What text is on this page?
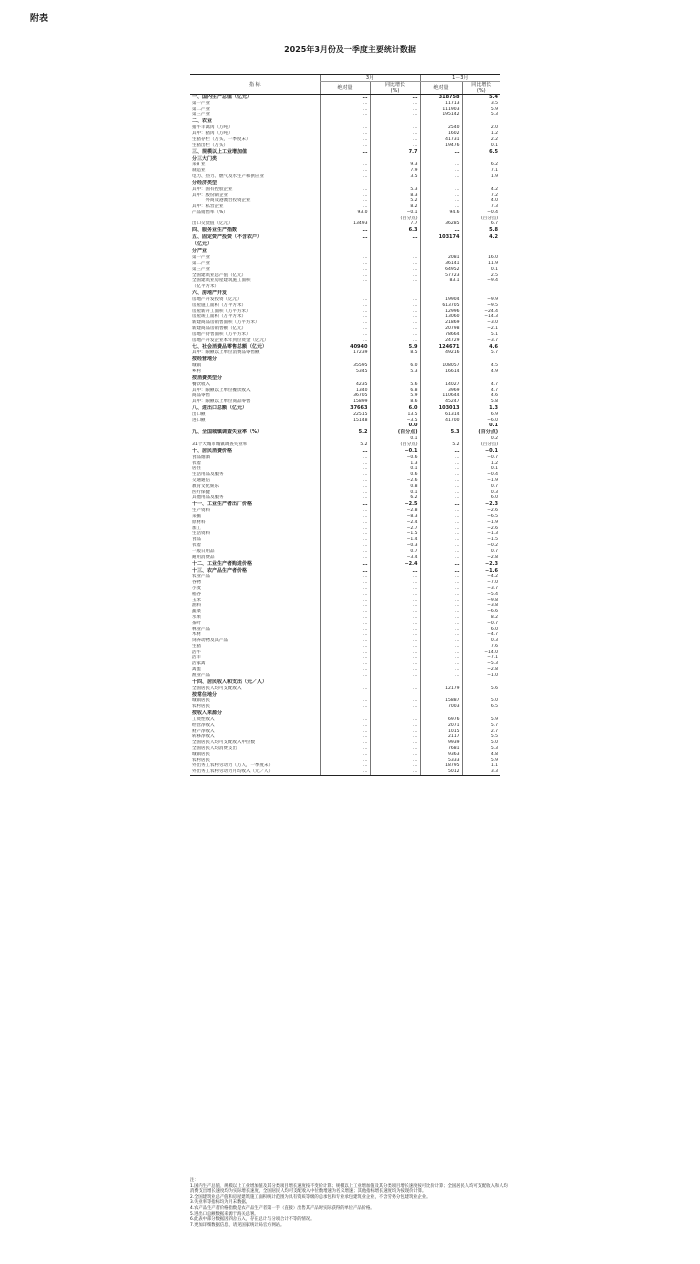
附表
2025年3月份及一季度主要统计数据
指 标	3月		1－3月	
	绝对量	同比增长
(%)	绝对量	同比增长
(%)
一、国内生产总值（亿元）	…	…	318758	5.4
第一产业	…	…	11713	3.5
第二产业	…	…	111903	5.9
第三产业	…	…	195142	5.3
二、农业				
猪牛羊禽肉（万吨）	…	…	2540	2.0
其中：猪肉（万吨）	…	…	1602	1.2
生猪存栏（万头，一季度末）	…	…	41731	2.2
生猪出栏（万头）	…	…	19476	0.1
三、规模以上工业增加值	…	7.7	…	6.5
分三大门类				
采矿业	…	9.3	…	6.2
制造业	…	7.9	…	7.1
电力、热力、燃气及水生产和供应业	…	3.5	…	1.9
分经济类型				
其中：国有控股企业	…	5.3	…	4.2
其中：股份制企业	…	8.3	…	7.2
　　　外商及港澳台投资企业	…	5.2	…	4.0
其中：私营企业	…	8.2	…	7.3
产品销售率（%）	93.0	−0.1	94.6	−0.4
		(百分点)		(百分点)
出口交货值（亿元）	13493	7.7	36285	6.7
四、服务业生产指数	…	6.3	…	5.8
五、固定资产投资（不含农户）	…	…	103174	4.2
（亿元）				
分产业				
第一产业	…	…	2081	16.0
第二产业	…	…	36141	11.9
第三产业	…	…	64952	0.1
全国建筑业总产值（亿元）	…	…	57723	2.5
全国建筑业房屋建筑施工面积	…	…	83.1	−9.4
（亿平方米）				
六、房地产开发				
房地产开发投资（亿元）	…	…	19904	−9.9
房屋施工面积（万平方米）	…	…	613705	−9.5
房屋新开工面积（万平方米）	…	…	12996	−24.4
房屋竣工面积（万平方米）	…	…	13060	−14.3
新建商品房销售面积（万平方米）	…	…	21869	−3.0
新建商品房销售额（亿元）	…	…	20798	−2.1
房地产待售面积（万平方米）	…	…	78664	5.1
房地产开发企业本年到位资金（亿元）	…	…	24729	−3.7
七、社会消费品零售总额（亿元）	40940	5.9	124671	4.6
其中：限额以上单位消费品零售额	17239	8.5	49216	5.7
按经营地分				
城镇	35595	6.0	108057	4.5
乡村	5345	5.3	16614	4.9
按消费类型分				
餐饮收入	4235	5.6	14027	4.7
其中：限额以上单位餐饮收入	1340	6.8	3969	4.7
商品零售	36705	5.9	110644	4.6
其中：限额以上单位商品零售	15899	8.6	45247	5.8
八、进出口总额（亿元）	37663	6.0	103013	1.3
出口额	22515	13.5	61314	6.9
进口额	15148	−3.5	41700	−6.0
		0.0		0.1
九、全国城镇调查失业率（%）	5.2	(百分点)	5.3	(百分点)
		0.1		0.2
31个大城市城镇调查失业率	5.2	(百分点)	5.2	(百分点)
十、居民消费价格	…	−0.1	…	−0.1
食品烟酒	…	−0.6	…	−0.7
衣着	…	1.3	…	1.2
居住	…	0.1	…	0.1
生活用品及服务	…	0.6	…	−0.4
交通通信	…	−2.6	…	−1.9
教育文化娱乐	…	0.8	…	0.7
医疗保健	…	0.1	…	0.3
其他用品及服务	…	6.2	…	6.0
十一、工业生产者出厂价格	…	−2.5	…	−2.3
生产资料	…	−2.8	…	−2.6
采掘	…	−8.3	…	−6.5
原材料	…	−2.4	…	−1.9
加工	…	−2.7	…	−2.6
生活资料	…	−1.5	…	−1.3
食品	…	−1.4	…	−1.5
衣着	…	−0.3	…	−0.2
一般日用品	…	0.7	…	0.7
耐用消费品	…	−3.4	…	−2.8
十二、工业生产者购进价格	…	−2.4	…	−2.3
十三、农产品生产者价格	…	…	…	−1.6
农业产品	…	…	…	−4.2
谷物	…	…	…	−7.0
小麦	…	…	…	−3.7
稻谷	…	…	…	−5.4
玉米	…	…	…	−9.8
油料	…	…	…	−3.8
蔬菜	…	…	…	−6.6
水果	…	…	…	8.2
茶叶	…	…	…	−0.7
林业产品	…	…	…	6.0
木材	…	…	…	−4.7
饲养动物及其产品	…	…	…	0.3
生猪	…	…	…	7.6
活牛	…	…	…	−14.0
活羊	…	…	…	−7.1
活家禽	…	…	…	−5.3
禽蛋	…	…	…	−2.8
渔业产品	…	…	…	−1.0
十四、居民收入和支出（元／人）				
全国居民人均可支配收入	…	…	12179	5.6
按常住地分				
城镇居民	…	…	15887	5.0
农村居民	…	…	7003	6.5
按收入来源分				
工资性收入	…	…	6976	5.9
经营净收入	…	…	2071	5.7
财产净收入	…	…	1015	2.7
转移净收入	…	…	2117	5.5
全国居民人均可支配收入中位数	…	…	9939	5.0
全国居民人均消费支出	…	…	7681	5.3
城镇居民	…	…	9363	4.8
农村居民	…	…	5333	5.9
外出务工农村劳动力（万人，一季度末）	…	…	18795	1.1
外出务工农村劳动力月均收入（元／人）	…	…	5012	3.3
注：
1.国内生产总值、规模以上工业增加值及其分类项目增长速度按不变价计算；规模以上工业增加值及其分类项目增长速度按可比价计算；全国居民人均可支配收入和人均消费支出增长速度均为实际增长速度，全国居民人均可支配收入中位数增速为名义增速；其他指标增长速度均为按现价计算。
2.全国建筑业总产值和房屋建筑施工面积统计范围为具有资质等级的总承包和专业承包建筑业企业，不含劳务分包建筑业企业。
3.失业率等指标均为月末数据。
4.农产品生产者价格指数是农产品生产者第一手（直接）出售其产品时实际获得的单位产品价格。
5.进出口总额数据来源于海关总署。
6.此表中部分数据因四舍五入，存在总计与分项合计不等的情况。
7.更加详细数据信息，请见国家统计局官方网站。
